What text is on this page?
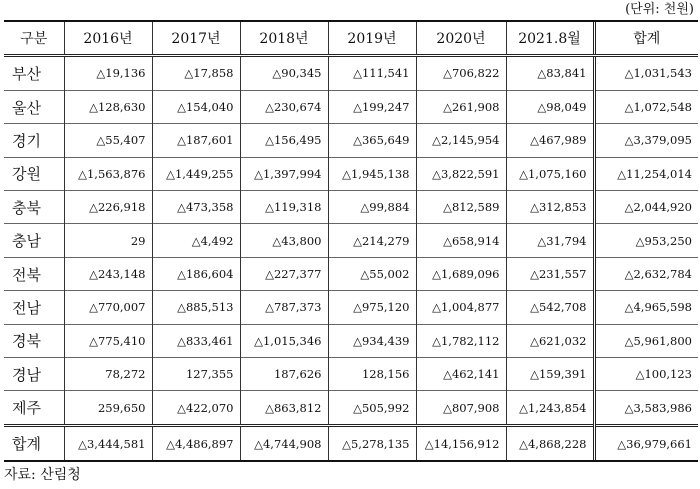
(단위: 천원)
구분	2016년	2017년	2018년	2019년	2020년	2021.8월	합계
부산	△19,136	△17,858	△90,345	△111,541	△706,822	△83,841	△1,031,543
울산	△128,630	△154,040	△230,674	△199,247	△261,908	△98,049	△1,072,548
경기	△55,407	△187,601	△156,495	△365,649	△2,145,954	△467,989	△3,379,095
강원	△1,563,876	△1,449,255	△1,397,994	△1,945,138	△3,822,591	△1,075,160	△11,254,014
충북	△226,918	△473,358	△119,318	△99,884	△812,589	△312,853	△2,044,920
충남	29	△4,492	△43,800	△214,279	△658,914	△31,794	△953,250
전북	△243,148	△186,604	△227,377	△55,002	△1,689,096	△231,557	△2,632,784
전남	△770,007	△885,513	△787,373	△975,120	△1,004,877	△542,708	△4,965,598
경북	△775,410	△833,461	△1,015,346	△934,439	△1,782,112	△621,032	△5,961,800
경남	78,272	127,355	187,626	128,156	△462,141	△159,391	△100,123
제주	259,650	△422,070	△863,812	△505,992	△807,908	△1,243,854	△3,583,986
합계	△3,444,581	△4,486,897	△4,744,908	△5,278,135	△14,156,912	△4,868,228	△36,979,661
자료: 산림청
